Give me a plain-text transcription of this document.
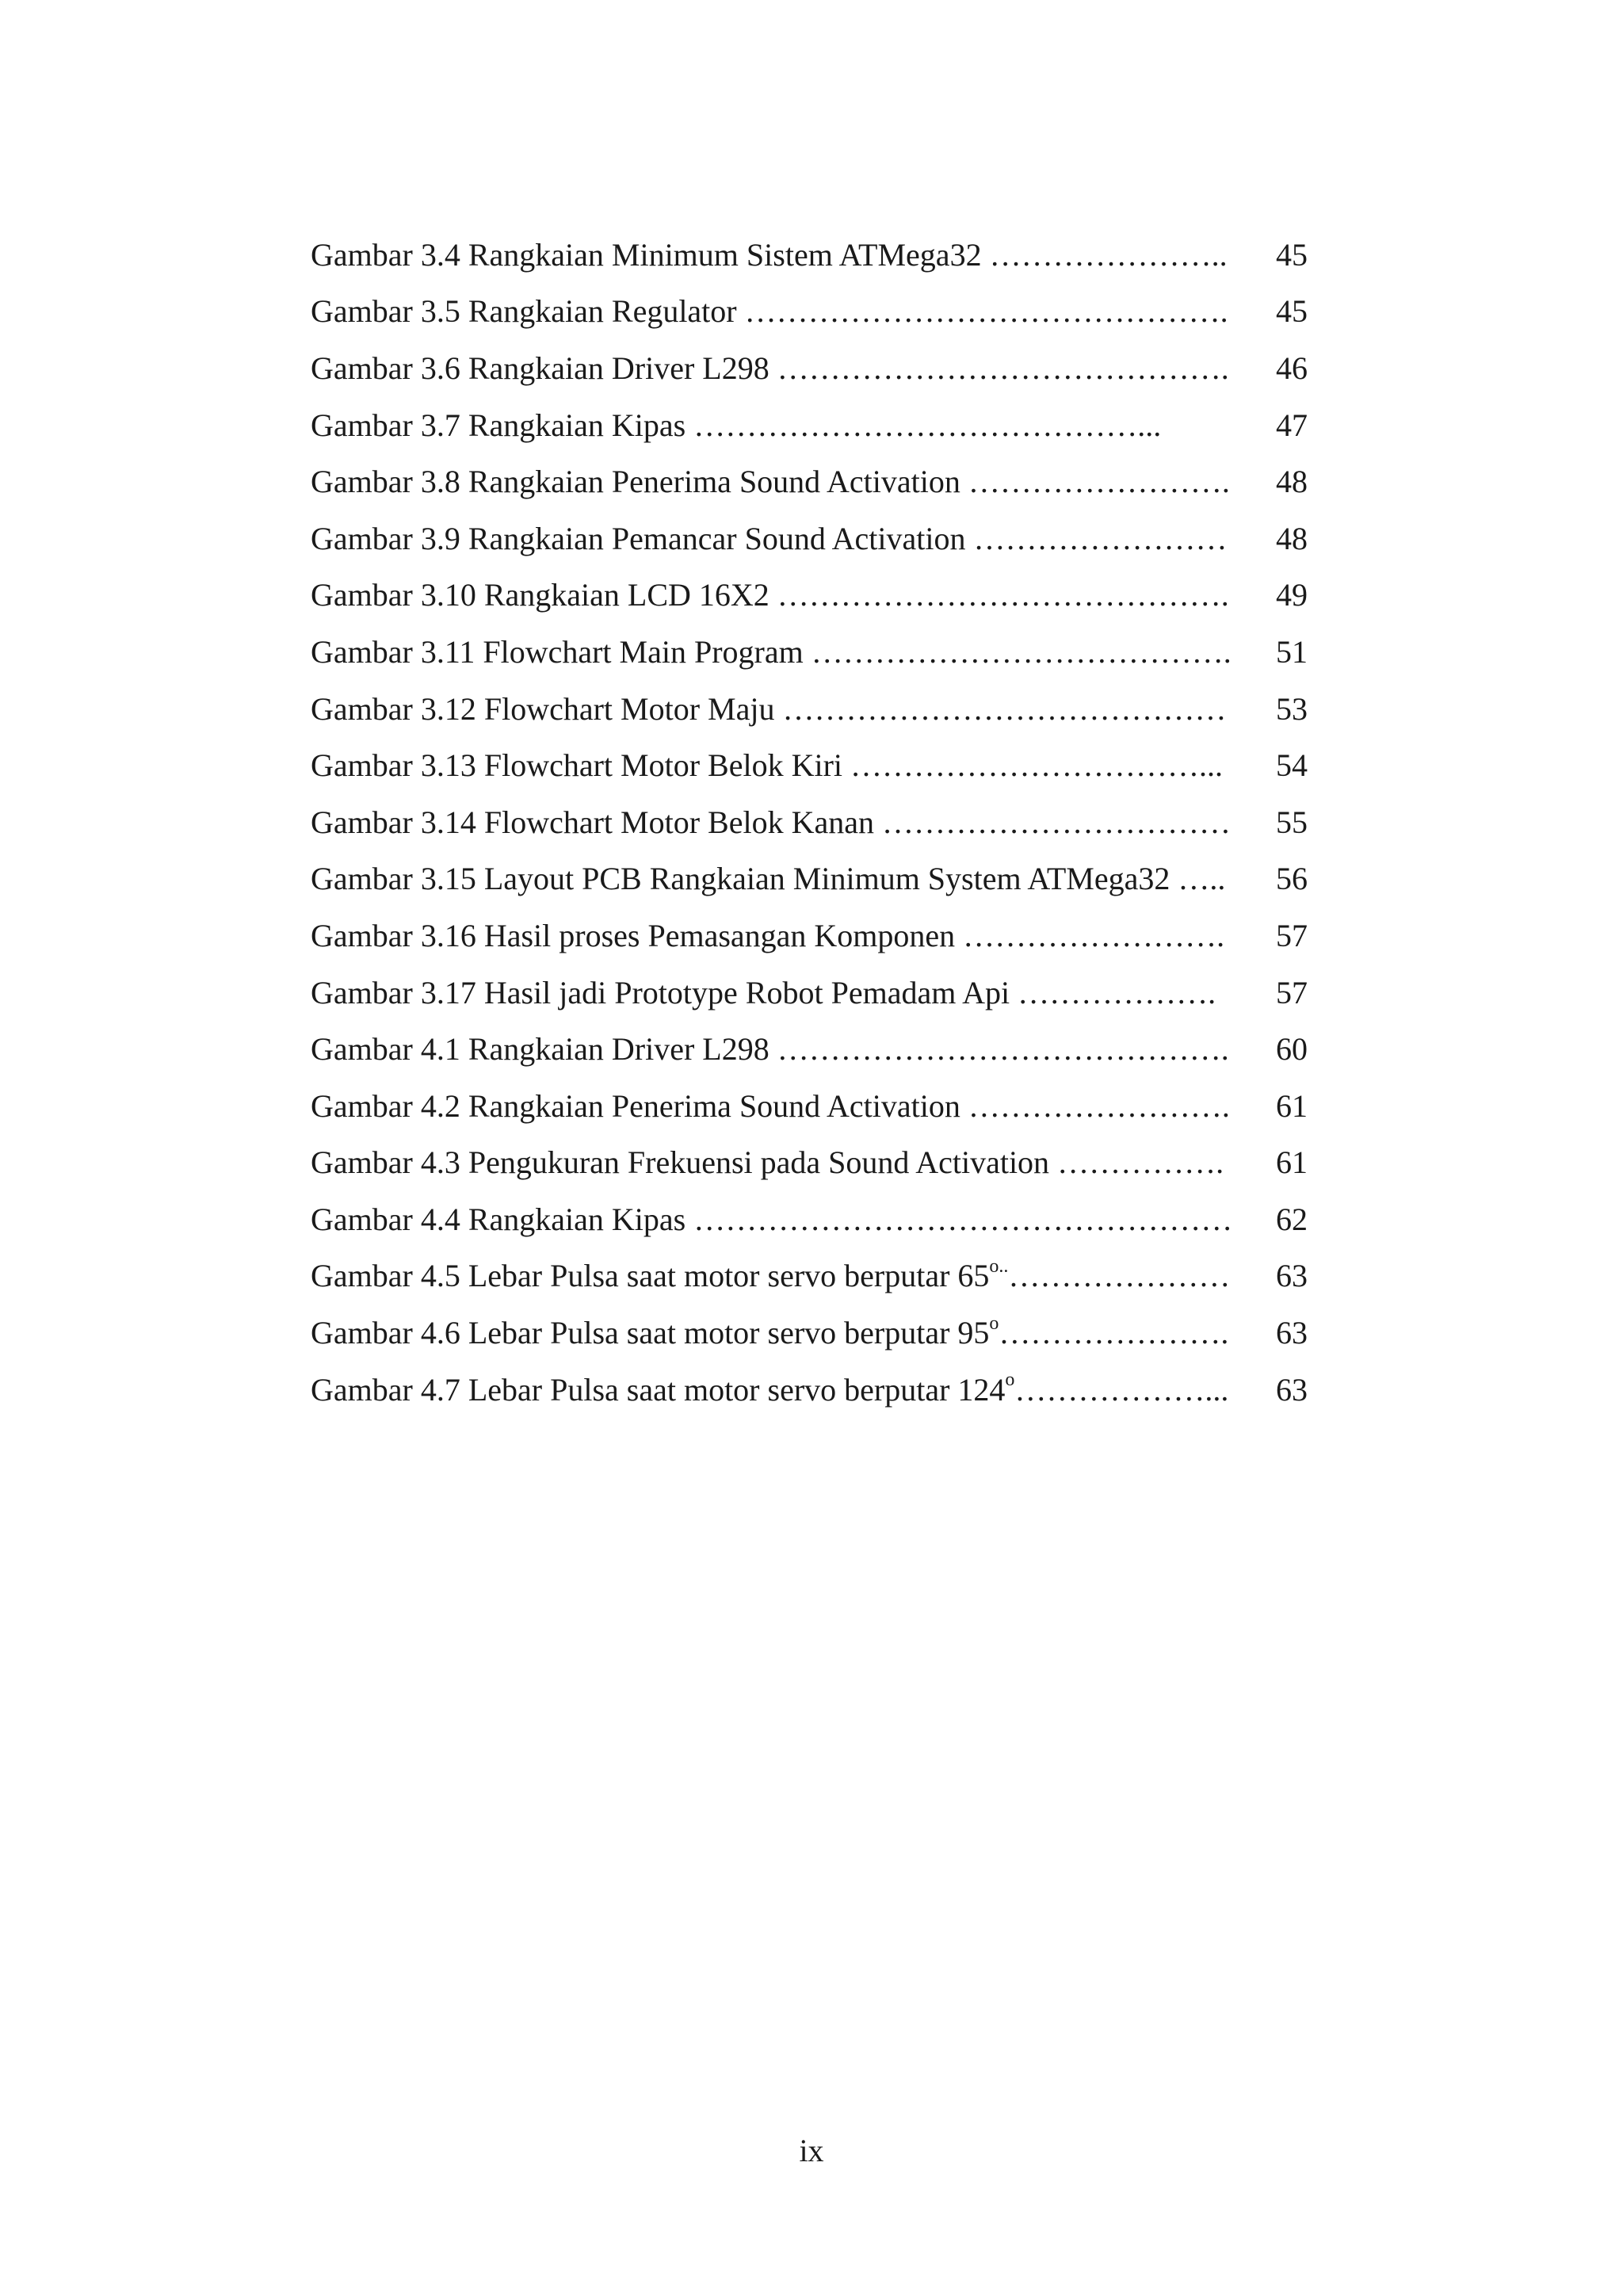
Gambar 3.4 Rangkaian Minimum Sistem ATMega32 …………………..	45
Gambar 3.5 Rangkaian Regulator ……………………………………….	45
Gambar 3.6 Rangkaian Driver L298 …………………………………….	46
Gambar 3.7 Rangkaian Kipas ……………………………………...	47
Gambar 3.8 Rangkaian Penerima Sound Activation …………………….	48
Gambar 3.9 Rangkaian Pemancar Sound Activation ……………………	48
Gambar 3.10 Rangkaian LCD 16X2 …………………………………….	49
Gambar 3.11 Flowchart Main Program ………………………………….	51
Gambar 3.12 Flowchart Motor Maju ……………………………………	53
Gambar 3.13 Flowchart Motor Belok Kiri ……………………………...	54
Gambar 3.14 Flowchart Motor Belok Kanan ……………………………	55
Gambar 3.15 Layout PCB Rangkaian Minimum System ATMega32 …..	56
Gambar 3.16 Hasil proses Pemasangan Komponen …………………….	57
Gambar 3.17 Hasil jadi Prototype Robot Pemadam Api ……………….	57
Gambar 4.1 Rangkaian Driver L298 …………………………………….	60
Gambar 4.2 Rangkaian Penerima Sound Activation …………………….	61
Gambar 4.3 Pengukuran Frekuensi pada Sound Activation …………….	61
Gambar 4.4 Rangkaian Kipas ……………………………………………	62
Gambar 4.5 Lebar Pulsa saat motor servo berputar $65^{o..}\dots\dots\dots\dots\dots\dots\dots$	63
Gambar 4.6 Lebar Pulsa saat motor servo berputar 95$^o$………………….	63
Gambar 4.7 Lebar Pulsa saat motor servo berputar 124$^o$………………...	63
ix
